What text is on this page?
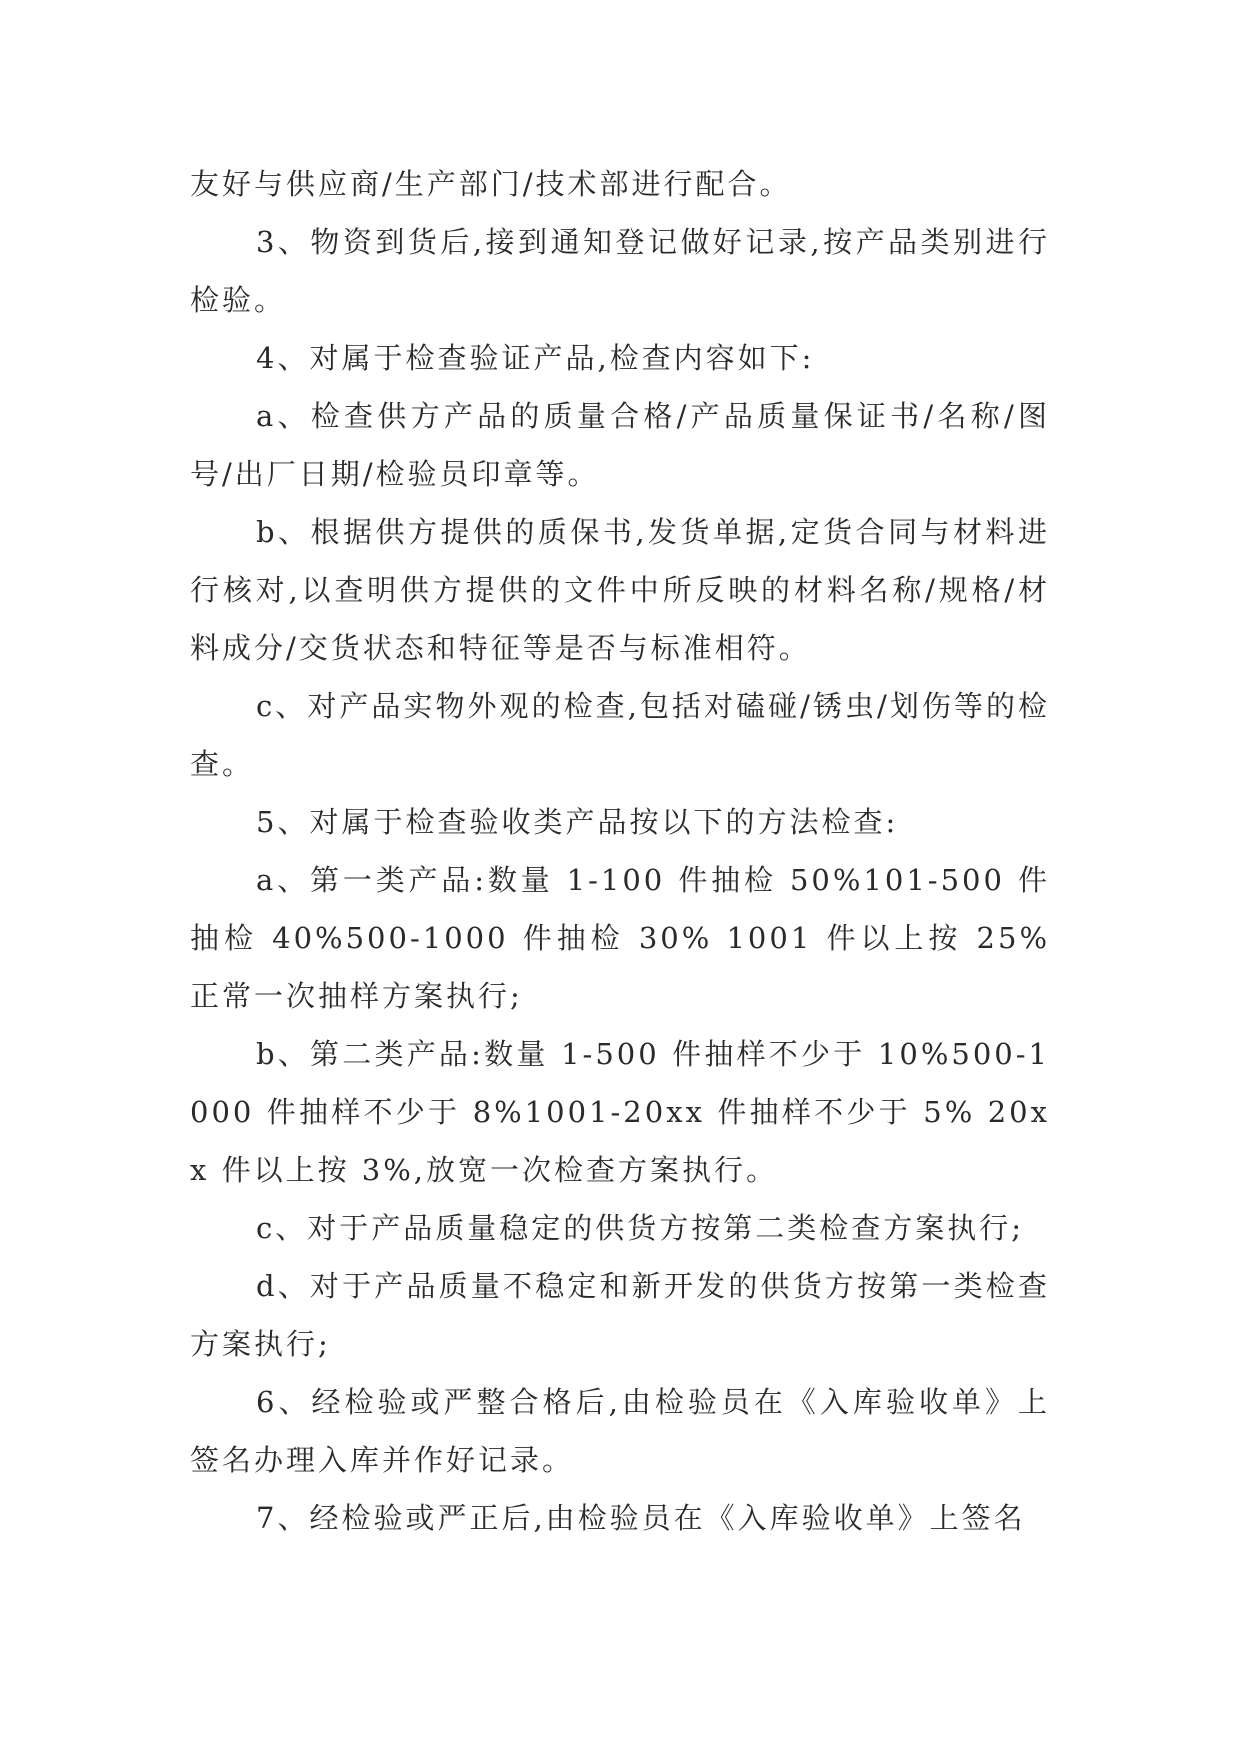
友好与供应商/生产部门/技术部进行配合。

3、物资到货后,接到通知登记做好记录,按产品类别进行检验。

4、对属于检查验证产品,检查内容如下:

a、检查供方产品的质量合格/产品质量保证书/名称/图号/出厂日期/检验员印章等。

b、根据供方提供的质保书,发货单据,定货合同与材料进行核对,以查明供方提供的文件中所反映的材料名称/规格/材料成分/交货状态和特征等是否与标准相符。

c、对产品实物外观的检查,包括对磕碰/锈虫/划伤等的检查。

5、对属于检查验收类产品按以下的方法检查:

a、第一类产品:数量 1-100 件抽检 50%101-500 件抽检 40%500-1000 件抽检 30% 1001 件以上按 25%正常一次抽样方案执行;

b、第二类产品:数量 1-500 件抽样不少于 10%500-1000 件抽样不少于 8%1001-20xx 件抽样不少于 5% 20xx 件以上按 3%,放宽一次检查方案执行。

c、对于产品质量稳定的供货方按第二类检查方案执行;

d、对于产品质量不稳定和新开发的供货方按第一类检查方案执行;

6、经检验或严整合格后,由检验员在《入库验收单》上签名办理入库并作好记录。

7、经检验或严正后,由检验员在《入库验收单》上签名
